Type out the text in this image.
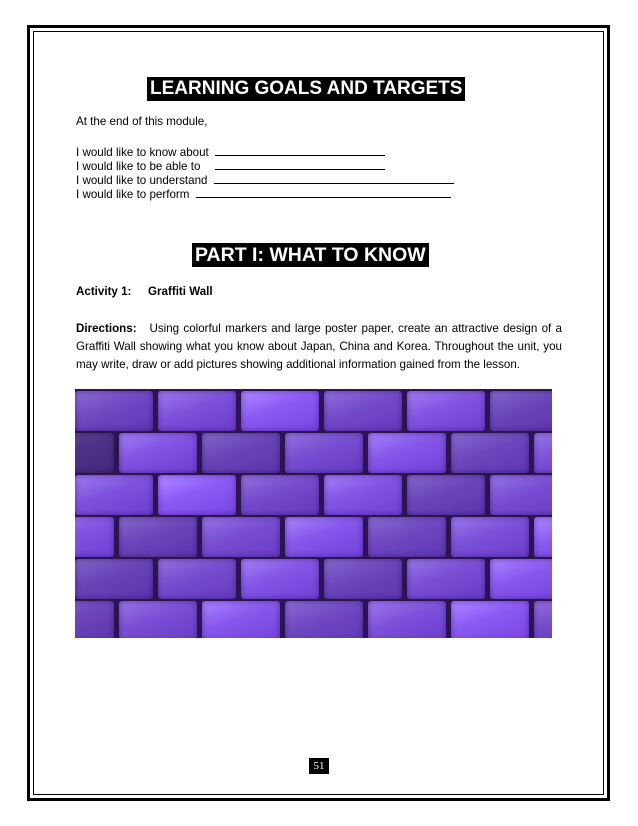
LEARNING GOALS AND TARGETS
At the end of this module,
I would like to know about
I would like to be able to
I would like to understand
I would like to perform
PART I: WHAT TO KNOW
Activity 1: Graffiti Wall
Directions: Using colorful markers and large poster paper, create an attractive design of a Graffiti Wall showing what you know about Japan, China and Korea. Throughout the unit, you may write, draw or add pictures showing additional information gained from the lesson.
51
